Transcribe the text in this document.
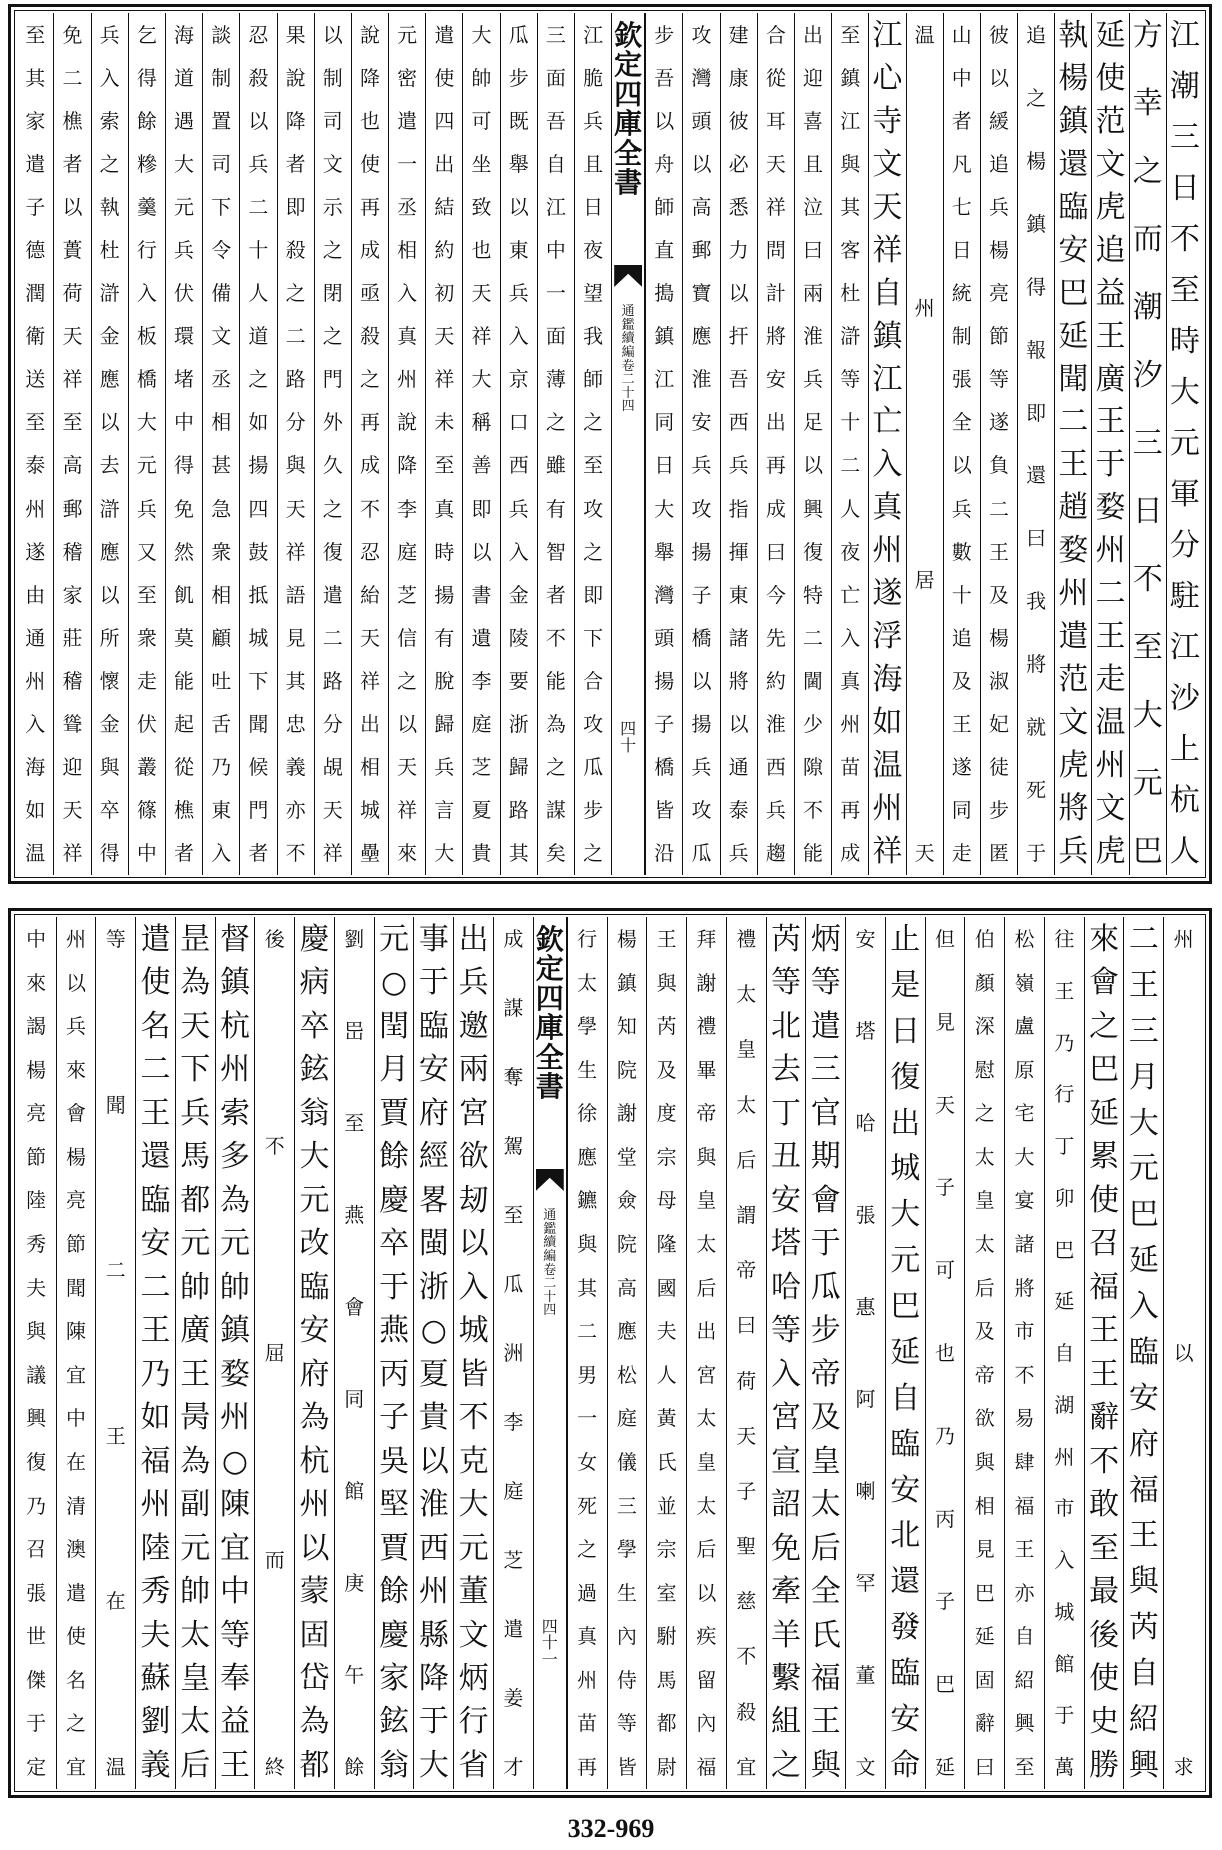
江
潮
三
日
不
至
時
大
元
軍
分
駐
江
沙
上
杭
人
方
幸
之
而
潮
汐
三
日
不
至
大
元
巴
延
使
范
文
虎
追
益
王
廣
王
于
婺
州
二
王
走
温
州
文
虎
執
楊
鎮
還
臨
安
巴
延
聞
二
王
趙
婺
州
遣
范
文
虎
將
兵
追
之
楊
鎮
得
報
即
還
曰
我
將
就
死
于
彼
以
緩
追
兵
楊
亮
節
等
遂
負
二
王
及
楊
淑
妃
徒
步
匿
山
中
者
凡
七
日
統
制
張
全
以
兵
數
十
追
及
王
遂
同
走
温
州
居
天
江
心
寺
文
天
祥
自
鎮
江
亡
入
真
州
遂
浮
海
如
温
州
祥
至
鎮
江
與
其
客
杜
滸
等
十
二
人
夜
亡
入
真
州
苗
再
成
出
迎
喜
且
泣
曰
兩
淮
兵
足
以
興
復
特
二
閫
少
隙
不
能
合
從
耳
天
祥
問
計
將
安
出
再
成
曰
今
先
約
淮
西
兵
趨
建
康
彼
必
悉
力
以
扞
吾
西
兵
指
揮
東
諸
將
以
通
泰
兵
攻
灣
頭
以
高
郵
寶
應
淮
安
兵
攻
揚
子
橋
以
揚
兵
攻
瓜
步
吾
以
舟
師
直
搗
鎮
江
同
日
大
舉
灣
頭
揚
子
橋
皆
沿
欽
定
四
庫
全
書
通
鑑
續
編
卷
二
十
四
四
十
江
脆
兵
且
日
夜
望
我
師
之
至
攻
之
即
下
合
攻
瓜
步
之
三
面
吾
自
江
中
一
面
薄
之
雖
有
智
者
不
能
為
之
謀
矣
瓜
步
既
舉
以
東
兵
入
京
口
西
兵
入
金
陵
要
浙
歸
路
其
大
帥
可
坐
致
也
天
祥
大
稱
善
即
以
書
遺
李
庭
芝
夏
貴
遣
使
四
出
結
約
初
天
祥
未
至
真
時
揚
有
脫
歸
兵
言
大
元
密
遣
一
丞
相
入
真
州
說
降
李
庭
芝
信
之
以
天
祥
來
說
降
也
使
再
成
亟
殺
之
再
成
不
忍
紿
天
祥
出
相
城
壘
以
制
司
文
示
之
閉
之
門
外
久
之
復
遣
二
路
分
覘
天
祥
果
說
降
者
即
殺
之
二
路
分
與
天
祥
語
見
其
忠
義
亦
不
忍
殺
以
兵
二
十
人
道
之
如
揚
四
鼓
抵
城
下
聞
候
門
者
談
制
置
司
下
令
備
文
丞
相
甚
急
衆
相
顧
吐
舌
乃
東
入
海
道
遇
大
元
兵
伏
環
堵
中
得
免
然
飢
莫
能
起
從
樵
者
乞
得
餘
糝
羹
行
入
板
橋
大
元
兵
又
至
衆
走
伏
叢
篠
中
兵
入
索
之
執
杜
滸
金
應
以
去
滸
應
以
所
懷
金
與
卒
得
免
二
樵
者
以
蕢
荷
天
祥
至
高
郵
稽
家
莊
稽
聳
迎
天
祥
至
其
家
遣
子
德
潤
衛
送
至
泰
州
遂
由
通
州
入
海
如
温
州
以
求
二
王
三
月
大
元
巴
延
入
臨
安
府
福
王
與
芮
自
紹
興
來
會
之
巴
延
累
使
召
福
王
王
辭
不
敢
至
最
後
使
史
勝
往
王
乃
行
丁
卯
巴
延
自
湖
州
市
入
城
館
于
萬
松
嶺
盧
原
宅
大
宴
諸
將
市
不
易
肆
福
王
亦
自
紹
興
至
伯
顏
深
慰
之
太
皇
太
后
及
帝
欲
與
相
見
巴
延
固
辭
曰
但
見
天
子
可
也
乃
丙
子
巴
延
止
是
日
復
出
城
大
元
巴
延
自
臨
安
北
還
發
臨
安
命
安
塔
哈
張
惠
阿
喇
罕
董
文
炳
等
遣
三
官
期
會
于
瓜
步
帝
及
皇
太
后
全
氏
福
王
與
芮
等
北
去
丁
丑
安
塔
哈
等
入
宮
宣
詔
免
牽
羊
繫
組
之
禮
太
皇
太
后
謂
帝
曰
荷
天
子
聖
慈
不
殺
宜
拜
謝
禮
畢
帝
與
皇
太
后
出
宮
太
皇
太
后
以
疾
留
內
福
王
與
芮
及
度
宗
母
隆
國
夫
人
黃
氏
並
宗
室
駙
馬
都
尉
楊
鎮
知
院
謝
堂
僉
院
高
應
松
庭
儀
三
學
生
內
侍
等
皆
行
太
學
生
徐
應
鑣
與
其
二
男
一
女
死
之
過
真
州
苗
再
欽
定
四
庫
全
書
通
鑑
續
編
卷
二
十
四
四
十
一
成
謀
奪
駕
至
瓜
洲
李
庭
芝
遣
姜
才
出
兵
邀
兩
宮
欲
刼
以
入
城
皆
不
克
大
元
董
文
炳
行
省
事
于
臨
安
府
經
畧
閩
浙
○
夏
貴
以
淮
西
州
縣
降
于
大
元
○
閏
月
賈
餘
慶
卒
于
燕
丙
子
吳
堅
賈
餘
慶
家
鉉
翁
劉
岊
至
燕
會
同
館
庚
午
餘
慶
病
卒
鉉
翁
大
元
改
臨
安
府
為
杭
州
以
蒙
固
岱
為
都
後
不
屈
而
終
督
鎮
杭
州
索
多
為
元
帥
鎮
婺
州
○
陳
宜
中
等
奉
益
王
昰
為
天
下
兵
馬
都
元
帥
廣
王
昺
為
副
元
帥
太
皇
太
后
遣
使
名
二
王
還
臨
安
二
王
乃
如
福
州
陸
秀
夫
蘇
劉
義
等
聞
二
王
在
温
州
以
兵
來
會
楊
亮
節
聞
陳
宜
中
在
清
澳
遣
使
名
之
宜
中
來
謁
楊
亮
節
陸
秀
夫
與
議
興
復
乃
召
張
世
傑
于
定
332-969
